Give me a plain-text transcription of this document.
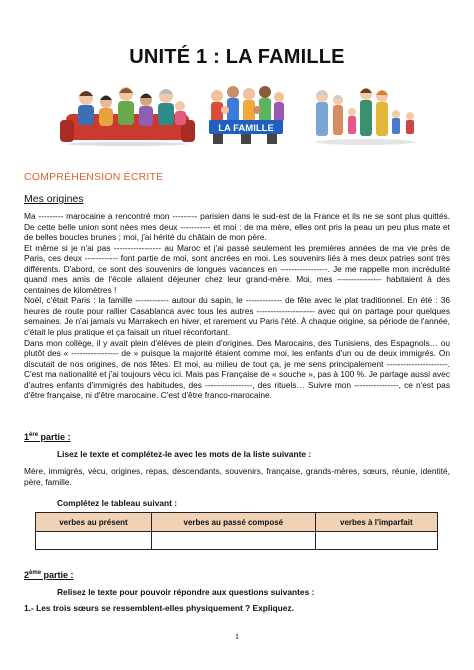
UNITÉ 1 : LA FAMILLE
LA FAMILLE
COMPRÉHENSION ÉCRITE
Mes origines

Ma --------- marocaine a rencontré mon --------- parisien dans le sud-est de la France et ils ne se sont plus quittés. De cette belle union sont nées mes deux ----------- et moi : de ma mère, elles ont pris la peau un peu plus mate et de belles boucles brunes ; moi, j'ai hérité du châtain de mon père.

Et même si je n'ai pas ----------------- au Maroc et j'ai passé seulement les premières années de ma vie près de Paris, ces deux ------------ font partie de moi, sont ancrées en moi. Les souvenirs liés à mes deux patries sont très différents. D'abord, ce sont des souvenirs de longues vacances en -----------------. Je me rappelle mon incrédulité quand mes amis de l'école allaient déjeuner chez leur grand-mère. Moi, mes ---------------- habitaient à des centaines de kilomètres !

Noël, c'était Paris : la famille ------------ autour du sapin, le ------------- de fête avec le plat traditionnel. En été : 36 heures de route pour rallier Casablanca avec tous les autres --------------------- avec qui on partage pour quelques semaines. Je n'ai jamais vu Marrakech en hiver, et rarement vu Paris l'été. À chaque origine, sa période de l'année, c'était le plus pratique et ça faisait un rituel réconfortant.

Dans mon collège, il y avait plein d'élèves de plein d'origines. Des Marocains, des Tunisiens, des Espagnols… ou plutôt des « ----------------- de » puisque la majorité étaient comme moi, les enfants d'un ou de deux immigrés. On discutait de nos origines, de nos fêtes. Et moi, au milieu de tout ça, je me sens principalement ----------------------. C'est ma nationalité et j'ai toujours vécu ici. Mais pas Française de « souche », pas à 100 %. Je partage aussi avec d'autres enfants d'immigrés des habitudes, des -----------------, des rituels… Suivre mon ----------------, ce n'est pas d'être française, ni d'être marocaine. C'est d'être franco-marocaine.

1ère partie :
Lisez le texte et complétez-le avec les mots de la liste suivante :
Mère, immigrés, vécu, origines, repas, descendants, souvenirs, française, grands-mères, sœurs, réunie, identité, père, famille.
Complétez le tableau suivant :
verbes au présent	verbes au passé composé	verbes à l'imparfait

2ème partie :
Relisez le texte pour pouvoir répondre aux questions suivantes :
1.- Les trois sœurs se ressemblent-elles physiquement ? Expliquez.
1
